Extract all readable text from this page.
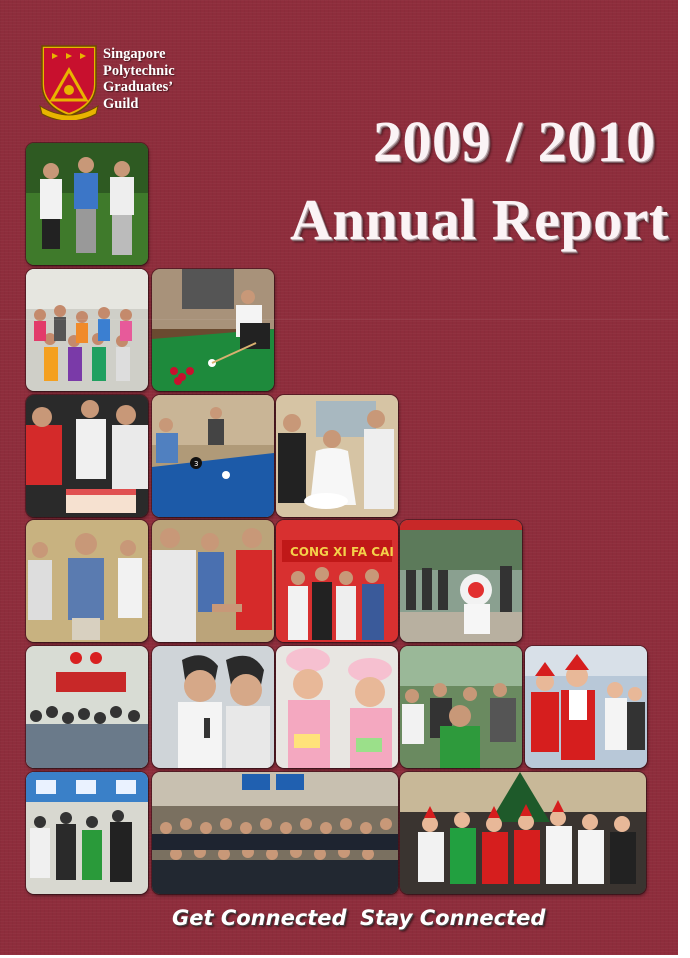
Singapore
Polytechnic
Graduates’
Guild
2009 / 2010
Annual Report
3
CONG XI FA CAI
Get Connected Stay Connected
